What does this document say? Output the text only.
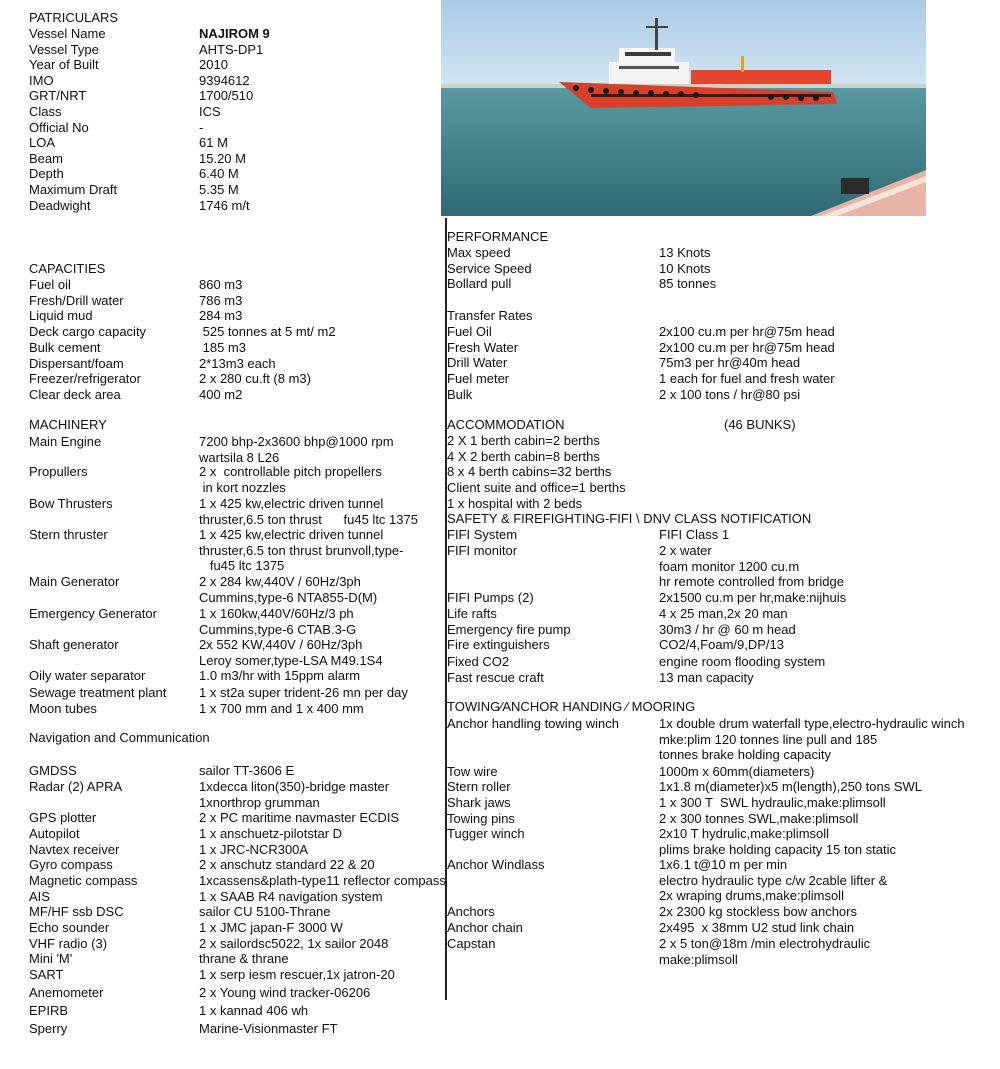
PATRICULARS
Vessel Name	NAJIROM 9
Vessel Type	AHTS-DP1
Year of Built	2010
IMO	9394612
GRT/NRT	1700/510
Class	ICS
Official No	-
LOA	61 M
Beam	15.20 M
Depth	6.40 M
Maximum Draft	5.35 M
Deadwight	1746 m/t
CAPACITIES
Fuel oil	860 m3
Fresh/Drill water	786 m3
Liquid mud	284 m3
Deck cargo capacity	525 tonnes at 5 mt/ m2
Bulk cement	185 m3
Dispersant/foam	2*13m3 each
Freezer/refrigerator	2 x 280 cu.ft (8 m3)
Clear deck area	400 m2
MACHINERY
Main Engine	7200 bhp-2x3600 bhp@1000 rpm
wartsila 8 L26
Propullers	2 x  controllable pitch propellers
in kort nozzles
Bow Thrusters	1 x 425 kw,electric driven tunnel
thruster,6.5 ton thrust      fu45 ltc 1375
Stern thruster	1 x 425 kw,electric driven tunnel
thruster,6.5 ton thrust brunvoll,type-
fu45 ltc 1375
Main Generator	2 x 284 kw,440V / 60Hz/3ph
Cummins,type-6 NTA855-D(M)
Emergency Generator	1 x 160kw,440V/60Hz/3 ph
Cummins,type-6 CTAB.3-G
Shaft generator	2x 552 KW,440V / 60Hz/3ph
Leroy somer,type-LSA M49.1S4
Oily water separator	1.0 m3/hr with 15ppm alarm
Sewage treatment plant	1 x st2a super trident-26 mn per day
Moon tubes	1 x 700 mm and 1 x 400 mm
Navigation and Communication
GMDSS	sailor TT-3606 E
Radar (2) APRA	1xdecca liton(350)-bridge master
1xnorthrop grumman
GPS plotter	2 x PC maritime navmaster ECDIS
Autopilot	1 x anschuetz-pilotstar D
Navtex receiver	1 x JRC-NCR300A
Gyro compass	2 x anschutz standard 22 & 20
Magnetic compass	1xcassens&plath-type11 reflector compass
AIS	1 x SAAB R4 navigation system
MF/HF ssb DSC	sailor CU 5100-Thrane
Echo sounder	1 x JMC japan-F 3000 W
VHF radio (3)	2 x sailordsc5022, 1x sailor 2048
Mini 'M'	thrane & thrane
SART	1 x serp iesm rescuer,1x jatron-20
Anemometer	2 x Young wind tracker-06206
EPIRB	1 x kannad 406 wh
Sperry	Marine-Visionmaster FT
PERFORMANCE
Max speed	13 Knots
Service Speed	10 Knots
Bollard pull	85 tonnes
Transfer Rates
Fuel Oil	2x100 cu.m per hr@75m head
Fresh Water	2x100 cu.m per hr@75m head
Drill Water	75m3 per hr@40m head
Fuel meter	1 each for fuel and fresh water
Bulk	2 x 100 tons / hr@80 psi
ACCOMMODATION	(46 BUNKS)
2 X 1 berth cabin=2 berths
4 X 2 berth cabin=8 berths
8 x 4 berth cabins=32 berths
Client suite and office=1 berths
1 x hospital with 2 beds
SAFETY & FIREFIGHTING-FIFI \ DNV CLASS NOTIFICATION
FIFI System	FIFI Class 1
FIFI monitor	2 x water
foam monitor 1200 cu.m
hr remote controlled from bridge
FIFI Pumps (2)	2x1500 cu.m per hr,make:nijhuis
Life rafts	4 x 25 man,2x 20 man
Emergency fire pump	30m3 / hr @ 60 m head
Fire extinguishers	CO2/4,Foam/9,DP/13
Fixed CO2	engine room flooding system
Fast rescue craft	13 man capacity
TOWING⁄ANCHOR HANDING ⁄ MOORING
Anchor handling towing winch	1x double drum waterfall type,electro-hydraulic winch
mke:plim 120 tonnes line pull and 185
tonnes brake holding capacity
Tow wire	1000m x 60mm(diameters)
Stern roller	1x1.8 m(diameter)x5 m(length),250 tons SWL
Shark jaws	1 x 300 T  SWL hydraulic,make:plimsoll
Towing pins	2 x 300 tonnes SWL,make:plimsoll
Tugger winch	2x10 T hydrulic,make:plimsoll
plims brake holding capacity 15 ton static
Anchor Windlass	1x6.1 t@10 m per min
electro hydraulic type c/w 2cable lifter &
2x wraping drums,make:plimsoll
Anchors	2x 2300 kg stockless bow anchors
Anchor chain	2x495  x 38mm U2 stud link chain
Capstan	2 x 5 ton@18m /min electrohydraulic
make:plimsoll
